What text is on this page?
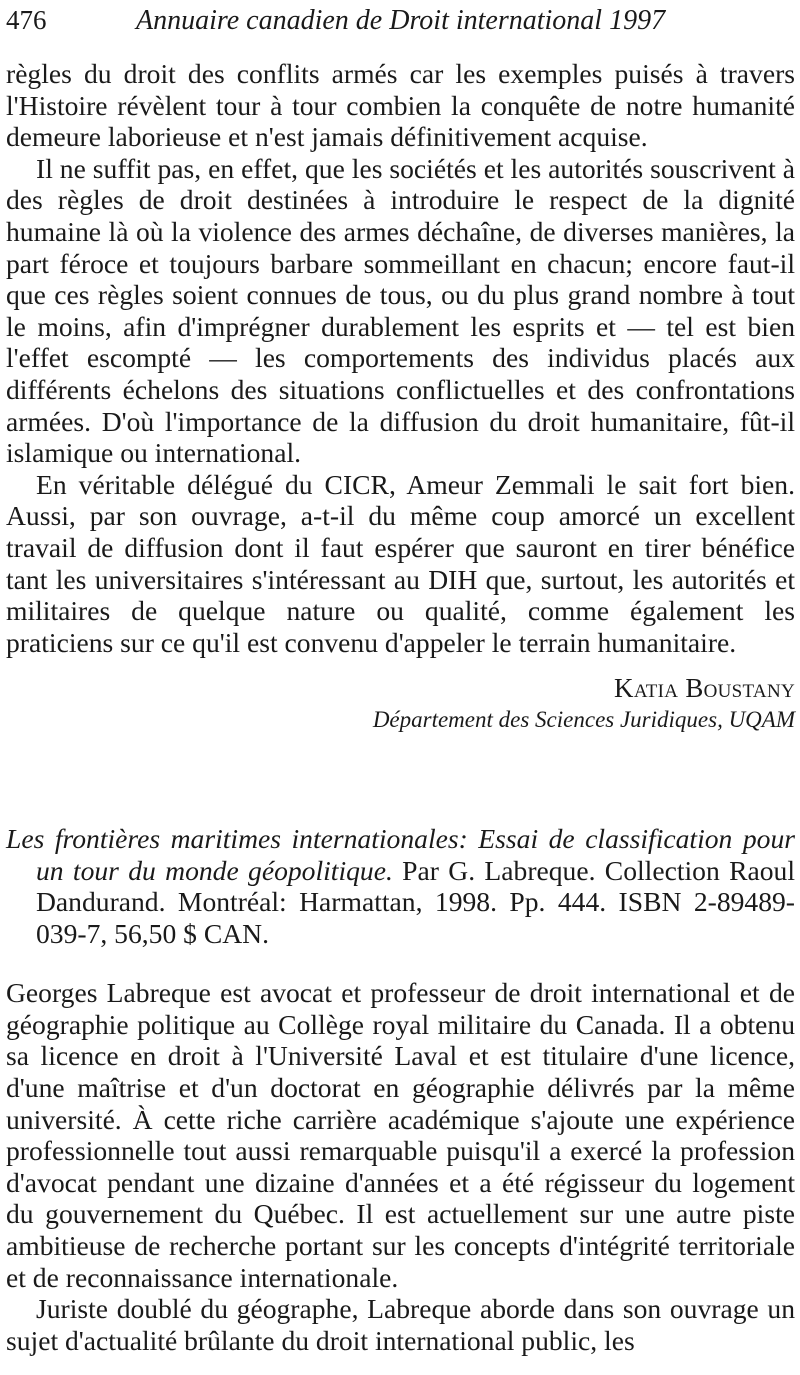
476	Annuaire canadien de Droit international 1997

règles du droit des conflits armés car les exemples puisés à travers l'Histoire révèlent tour à tour combien la conquête de notre humanité demeure laborieuse et n'est jamais définitivement acquise.

Il ne suffit pas, en effet, que les sociétés et les autorités souscrivent à des règles de droit destinées à introduire le respect de la dignité humaine là où la violence des armes déchaîne, de diverses manières, la part féroce et toujours barbare sommeillant en chacun; encore faut-il que ces règles soient connues de tous, ou du plus grand nombre à tout le moins, afin d'imprégner durablement les esprits et — tel est bien l'effet escompté — les comportements des individus placés aux différents échelons des situations conflictuelles et des confrontations armées. D'où l'importance de la diffusion du droit humanitaire, fût-il islamique ou international.

En véritable délégué du CICR, Ameur Zemmali le sait fort bien. Aussi, par son ouvrage, a-t-il du même coup amorcé un excellent travail de diffusion dont il faut espérer que sauront en tirer bénéfice tant les universitaires s'intéressant au DIH que, surtout, les autorités et militaires de quelque nature ou qualité, comme également les praticiens sur ce qu'il est convenu d'appeler le terrain humanitaire.

Katia Boustany
Département des Sciences Juridiques, UQAM

Les frontières maritimes internationales: Essai de classification pour un tour du monde géopolitique. Par G. Labreque. Collection Raoul Dandurand. Montréal: Harmattan, 1998. Pp. 444. ISBN 2-89489-039-7, 56,50 $ CAN.

Georges Labreque est avocat et professeur de droit international et de géographie politique au Collège royal militaire du Canada. Il a obtenu sa licence en droit à l'Université Laval et est titulaire d'une licence, d'une maîtrise et d'un doctorat en géographie délivrés par la même université. À cette riche carrière académique s'ajoute une expérience professionnelle tout aussi remarquable puisqu'il a exercé la profession d'avocat pendant une dizaine d'années et a été régisseur du logement du gouvernement du Québec. Il est actuellement sur une autre piste ambitieuse de recherche portant sur les concepts d'intégrité territoriale et de reconnaissance internationale.

Juriste doublé du géographe, Labreque aborde dans son ouvrage un sujet d'actualité brûlante du droit international public, les
